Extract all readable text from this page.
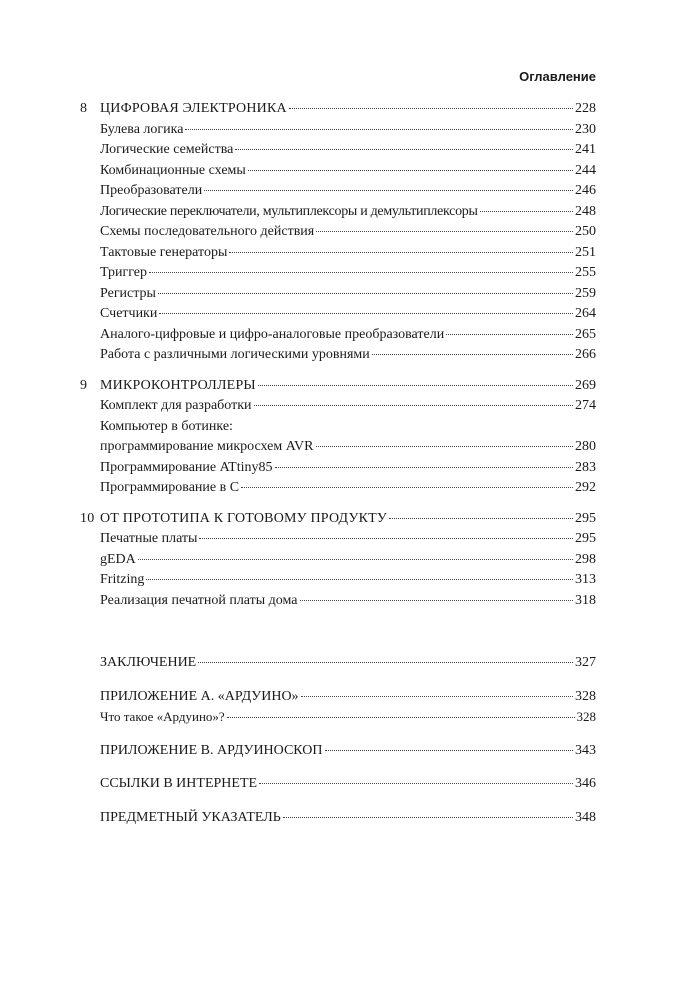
Оглавление
8 ЦИФРОВАЯ ЭЛЕКТРОНИКА	228
Булева логика	230
Логические семейства	241
Комбинационные схемы	244
Преобразователи	246
Логические переключатели, мультиплексоры и демультиплексоры	248
Схемы последовательного действия	250
Тактовые генераторы	251
Триггер	255
Регистры	259
Счетчики	264
Аналого-цифровые и цифро-аналоговые преобразователи	265
Работа с различными логическими уровнями	266
9 МИКРОКОНТРОЛЛЕРЫ	269
Комплект для разработки	274
Компьютер в ботинке:
программирование микросхем AVR	280
Программирование ATtiny85	283
Программирование в C	292
10 ОТ ПРОТОТИПА К ГОТОВОМУ ПРОДУКТУ	295
Печатные платы	295
gEDA	298
Fritzing	313
Реализация печатной платы дома	318
ЗАКЛЮЧЕНИЕ	327
ПРИЛОЖЕНИЕ А. «АРДУИНО»	328
Что такое «Ардуино»?	328
ПРИЛОЖЕНИЕ В. АРДУИНОСКОП	343
ССЫЛКИ В ИНТЕРНЕТЕ	346
ПРЕДМЕТНЫЙ УКАЗАТЕЛЬ	348
